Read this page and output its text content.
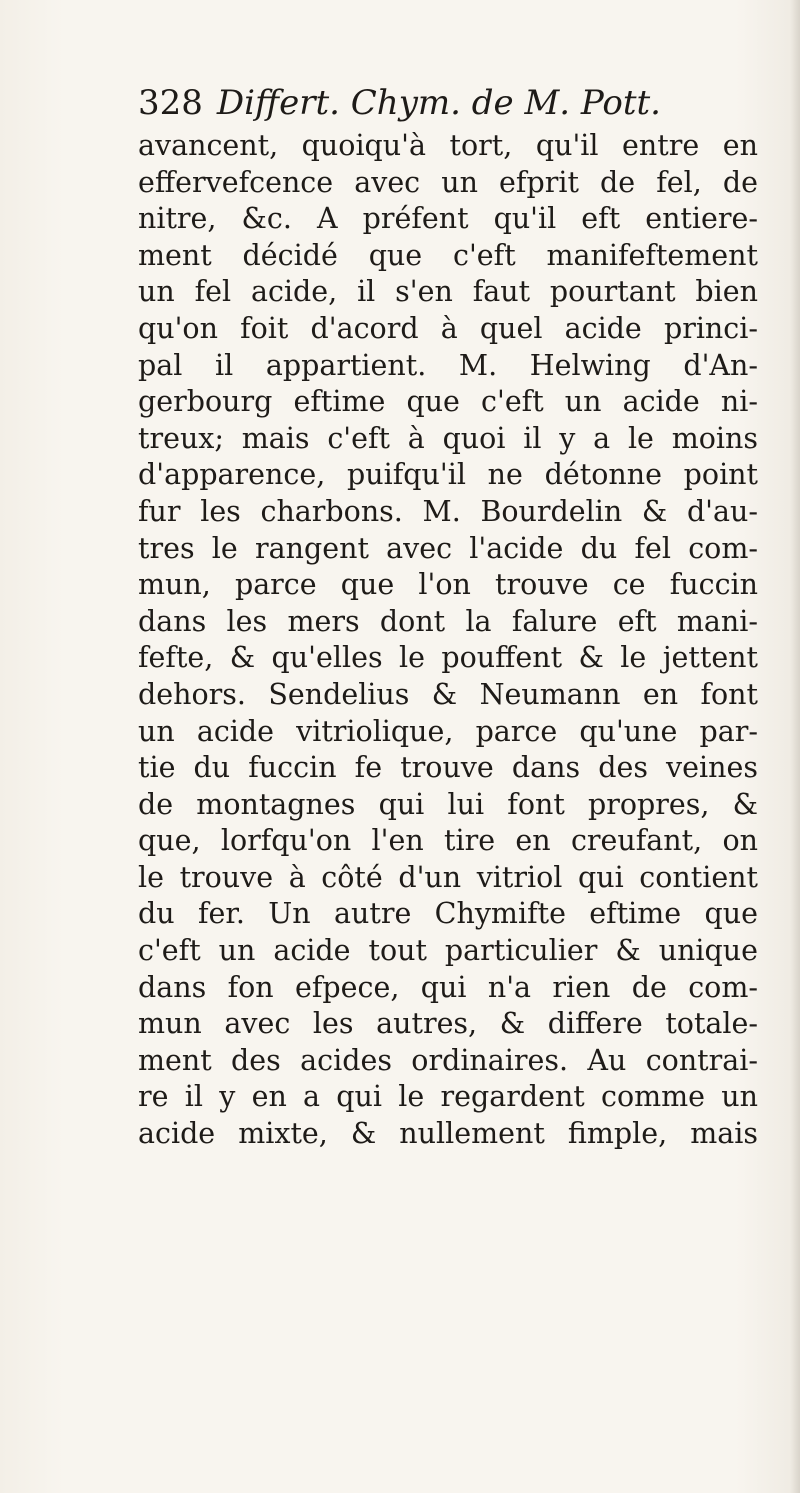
328 Differt. Chym. de M. Pott.
avancent, quoiqu'à tort, qu'il entre en
effervefcence avec un efprit de fel, de
nitre, &c. A préfent qu'il eft entiere-
ment décidé que c'eft manifeftement
un fel acide, il s'en faut pourtant bien
qu'on foit d'acord à quel acide princi-
pal il appartient. M. Helwing d'An-
gerbourg eftime que c'eft un acide ni-
treux; mais c'eft à quoi il y a le moins
d'apparence, puifqu'il ne détonne point
fur les charbons. M. Bourdelin & d'au-
tres le rangent avec l'acide du fel com-
mun, parce que l'on trouve ce fuccin
dans les mers dont la falure eft mani-
fefte, & qu'elles le pouffent & le jettent
dehors. Sendelius & Neumann en font
un acide vitriolique, parce qu'une par-
tie du fuccin fe trouve dans des veines
de montagnes qui lui font propres, &
que, lorfqu'on l'en tire en creufant, on
le trouve à côté d'un vitriol qui contient
du fer. Un autre Chymifte eftime que
c'eft un acide tout particulier & unique
dans fon efpece, qui n'a rien de com-
mun avec les autres, & differe totale-
ment des acides ordinaires. Au contrai-
re il y en a qui le regardent comme un
acide mixte, & nullement fimple, mais
